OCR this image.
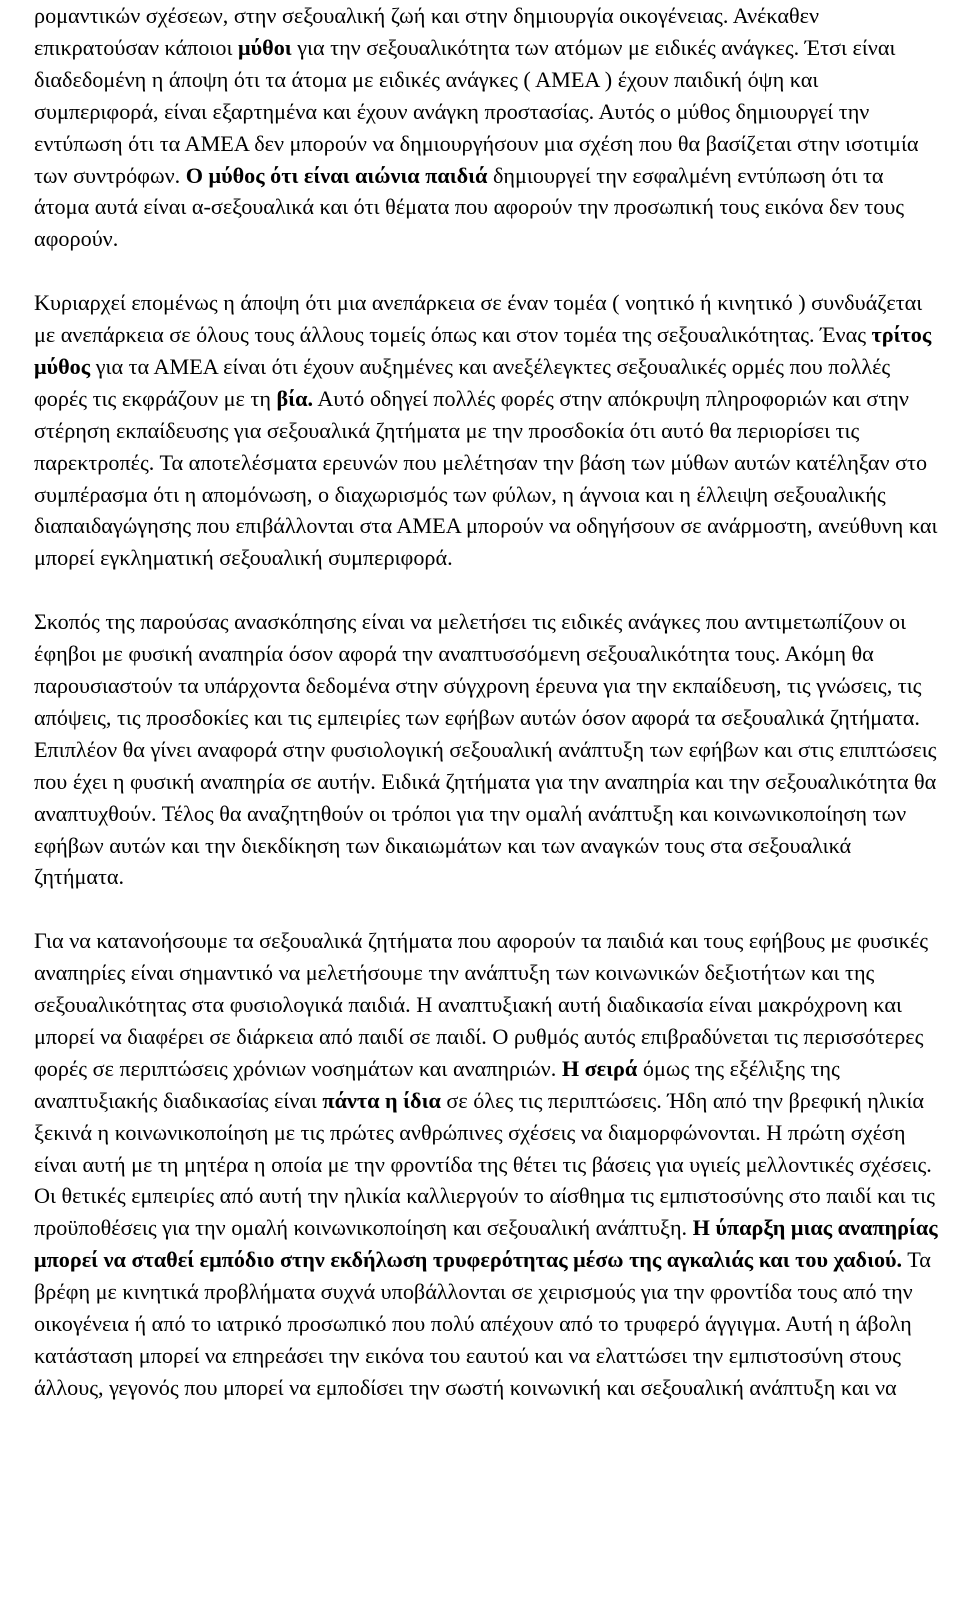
ρομαντικών σχέσεων, στην σεξουαλική ζωή και στην δημιουργία οικογένειας. Ανέκαθεν επικρατούσαν κάποιοι μύθοι για την σεξουαλικότητα των ατόμων με ειδικές ανάγκες. Έτσι είναι διαδεδομένη η άποψη ότι τα άτομα με ειδικές ανάγκες ( ΑΜΕΑ ) έχουν παιδική όψη και συμπεριφορά, είναι εξαρτημένα και έχουν ανάγκη προστασίας. Αυτός ο μύθος δημιουργεί την εντύπωση ότι τα ΑΜΕΑ δεν μπορούν να δημιουργήσουν μια σχέση που θα βασίζεται στην ισοτιμία των συντρόφων. Ο μύθος ότι είναι αιώνια παιδιά δημιουργεί την εσφαλμένη εντύπωση ότι τα άτομα αυτά είναι α-σεξουαλικά και ότι θέματα που αφορούν την προσωπική τους εικόνα δεν τους αφορούν.

Κυριαρχεί επομένως η άποψη ότι μια ανεπάρκεια σε έναν τομέα ( νοητικό ή κινητικό ) συνδυάζεται με ανεπάρκεια σε όλους τους άλλους τομείς όπως και στον τομέα της σεξουαλικότητας. Ένας τρίτος μύθος για τα ΑΜΕΑ είναι ότι έχουν αυξημένες και ανεξέλεγκτες σεξουαλικές ορμές που πολλές φορές τις εκφράζουν με τη βία. Αυτό οδηγεί πολλές φορές στην απόκρυψη πληροφοριών και στην στέρηση εκπαίδευσης για σεξουαλικά ζητήματα με την προσδοκία ότι αυτό θα περιορίσει τις παρεκτροπές. Τα αποτελέσματα ερευνών που μελέτησαν την βάση των μύθων αυτών κατέληξαν στο συμπέρασμα ότι η απομόνωση, ο διαχωρισμός των φύλων, η άγνοια και η έλλειψη σεξουαλικής διαπαιδαγώγησης που επιβάλλονται στα ΑΜΕΑ μπορούν να οδηγήσουν σε ανάρμοστη, ανεύθυνη και μπορεί εγκληματική σεξουαλική συμπεριφορά.

Σκοπός της παρούσας ανασκόπησης είναι να μελετήσει τις ειδικές ανάγκες που αντιμετωπίζουν οι έφηβοι με φυσική αναπηρία όσον αφορά την αναπτυσσόμενη σεξουαλικότητα τους. Ακόμη θα παρουσιαστούν τα υπάρχοντα δεδομένα στην σύγχρονη έρευνα για την εκπαίδευση, τις γνώσεις, τις απόψεις, τις προσδοκίες και τις εμπειρίες των εφήβων αυτών όσον αφορά τα σεξουαλικά ζητήματα. Επιπλέον θα γίνει αναφορά στην φυσιολογική σεξουαλική ανάπτυξη των εφήβων και στις επιπτώσεις που έχει η φυσική αναπηρία σε αυτήν. Ειδικά ζητήματα για την αναπηρία και την σεξουαλικότητα θα αναπτυχθούν. Τέλος θα αναζητηθούν οι τρόποι για την ομαλή ανάπτυξη και κοινωνικοποίηση των εφήβων αυτών και την διεκδίκηση των δικαιωμάτων και των αναγκών τους στα σεξουαλικά ζητήματα.

Για να κατανοήσουμε τα σεξουαλικά ζητήματα που αφορούν τα παιδιά και τους εφήβους με φυσικές αναπηρίες είναι σημαντικό να μελετήσουμε την ανάπτυξη των κοινωνικών δεξιοτήτων και της σεξουαλικότητας στα φυσιολογικά παιδιά. Η αναπτυξιακή αυτή διαδικασία είναι μακρόχρονη και μπορεί να διαφέρει σε διάρκεια από παιδί σε παιδί. Ο ρυθμός αυτός επιβραδύνεται τις περισσότερες φορές σε περιπτώσεις χρόνιων νοσημάτων και αναπηριών. Η σειρά όμως της εξέλιξης της αναπτυξιακής διαδικασίας είναι πάντα η ίδια σε όλες τις περιπτώσεις. Ήδη από την βρεφική ηλικία ξεκινά η κοινωνικοποίηση με τις πρώτες ανθρώπινες σχέσεις να διαμορφώνονται. Η πρώτη σχέση είναι αυτή με τη μητέρα η οποία με την φροντίδα της θέτει τις βάσεις για υγιείς μελλοντικές σχέσεις. Οι θετικές εμπειρίες από αυτή την ηλικία καλλιεργούν το αίσθημα τις εμπιστοσύνης στο παιδί και τις προϋποθέσεις για την ομαλή κοινωνικοποίηση και σεξουαλική ανάπτυξη. Η ύπαρξη μιας αναπηρίας μπορεί να σταθεί εμπόδιο στην εκδήλωση τρυφερότητας μέσω της αγκαλιάς και του χαδιού. Τα βρέφη με κινητικά προβλήματα συχνά υποβάλλονται σε χειρισμούς για την φροντίδα τους από την οικογένεια ή από το ιατρικό προσωπικό που πολύ απέχουν από το τρυφερό άγγιγμα. Αυτή η άβολη κατάσταση μπορεί να επηρεάσει την εικόνα του εαυτού και να ελαττώσει την εμπιστοσύνη στους άλλους, γεγονός που μπορεί να εμποδίσει την σωστή κοινωνική και σεξουαλική ανάπτυξη και να
